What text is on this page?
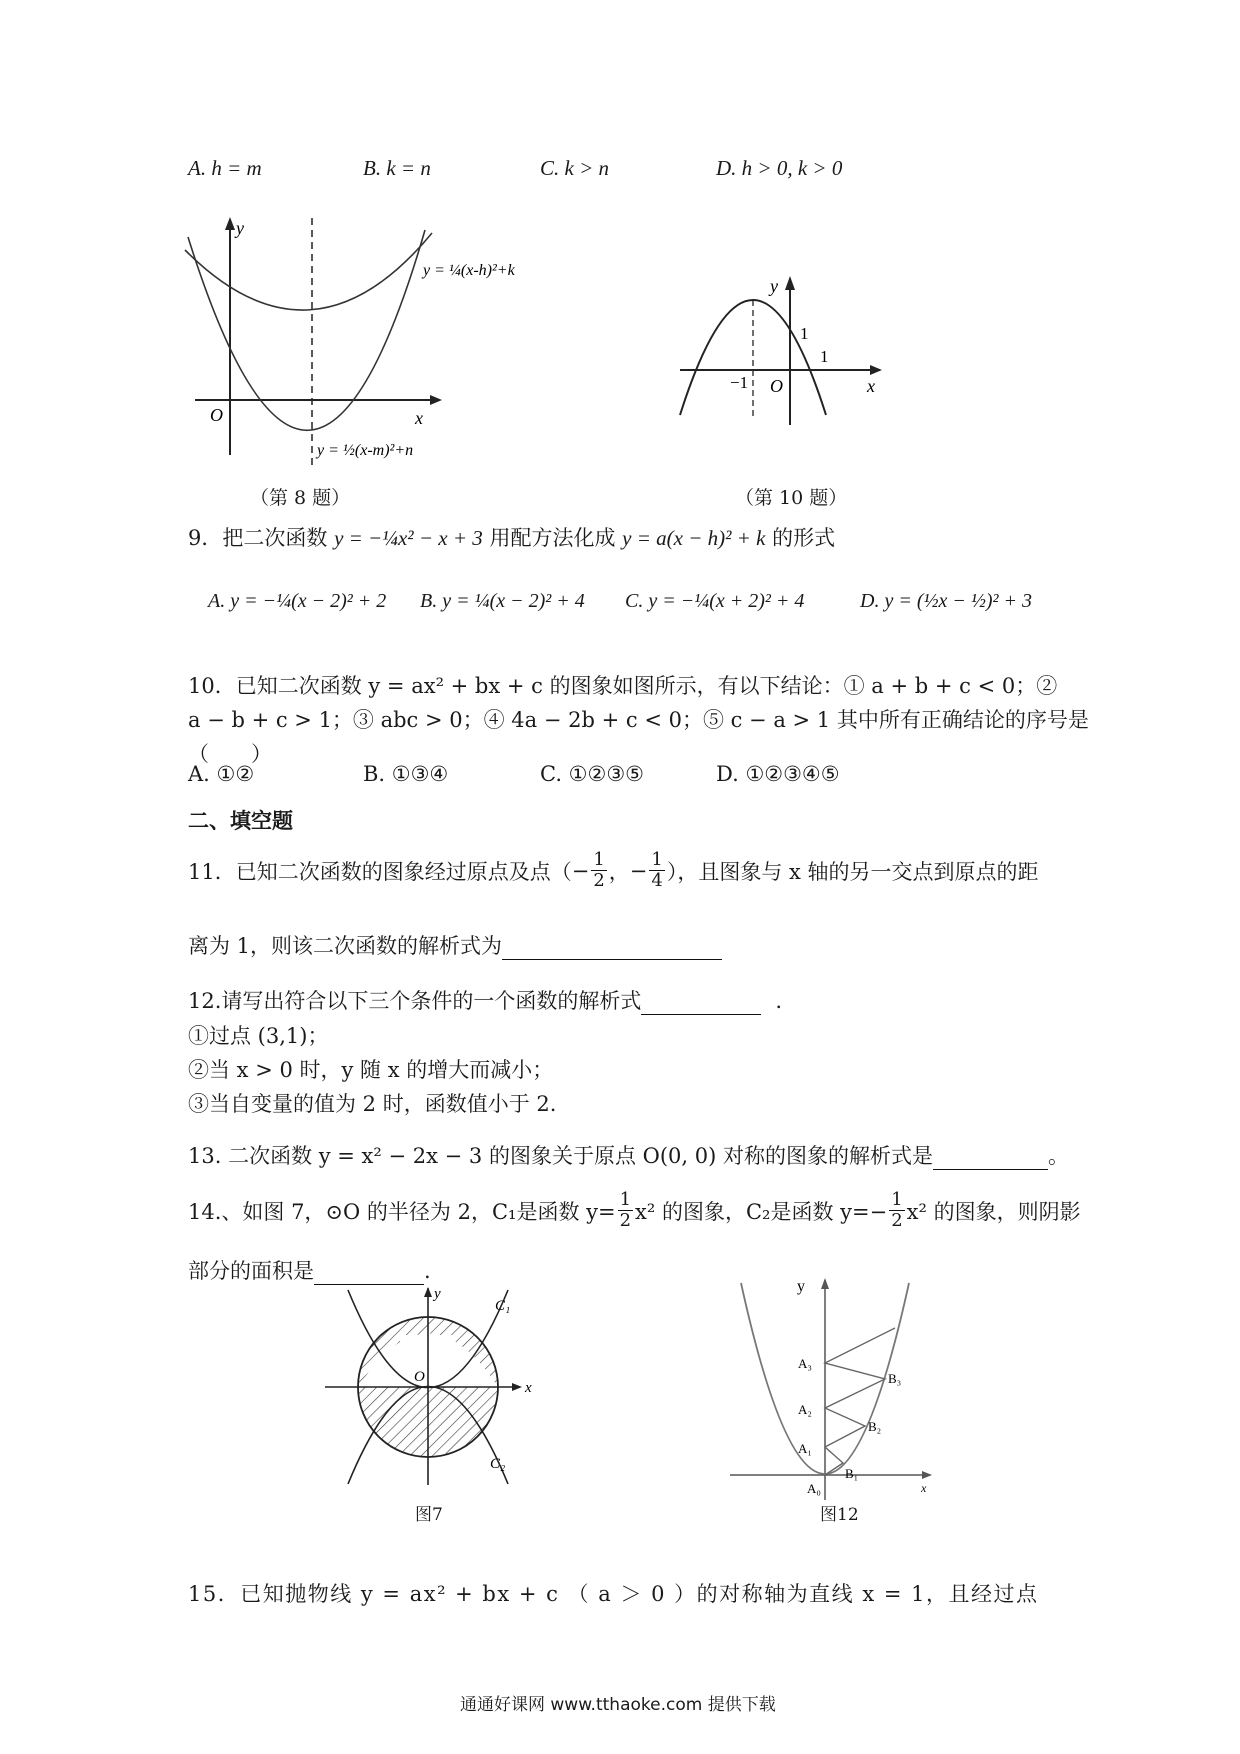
A. h = m	B. k = n	C. k > n	D. h > 0, k > 0
y
x
O
y = ¼(x-h)²+k
y = ½(x-m)²+n
（第 8 题）
y
x
O
−1
1
1
（第 10 题）
9．把二次函数 y = −¼x² − x + 3 用配方法化成 y = a(x − h)² + k 的形式
A. y = −¼(x − 2)² + 2 B. y = ¼(x − 2)² + 4 C. y = −¼(x + 2)² + 4	D. y = (½x − ½)² + 3
10．已知二次函数 y = ax² + bx + c 的图象如图所示，有以下结论：① a + b + c < 0；②
a − b + c > 1；③ abc > 0；④ 4a − 2b + c < 0；⑤ c − a > 1 其中所有正确结论的序号是
（　　）
A. ①②	B. ①③④	C. ①②③⑤	D. ①②③④⑤
二、填空题
11．已知二次函数的图象经过原点及点（ − $\frac{1}{2}$ ， − $\frac{1}{4}$ ），且图象与 x 轴的另一交点到原点的距
离为 1，则该二次函数的解析式为
12.请写出符合以下三个条件的一个函数的解析式	.
①过点 (3,1)；
②当 x > 0 时，y 随 x 的增大而减小；
③当自变量的值为 2 时，函数值小于 2.
13. 二次函数 y = x² − 2x − 3 的图象关于原点 O(0, 0) 对称的图象的解析式是	。
14.、如图 7，⊙O 的半径为 2，C₁是函数 $y= \frac{1}{2} x^2$ 的图象，C₂是函数 $y=- \frac{1}{2} x^2$ 的图象，则阴影
部分的面积是	.
y
x
O
C₁
C₂
图7
y
x
A₀
A₁
A₂
A₃
B₁
B₂
B₃
图12
15．已知抛物线 y = ax² + bx + c （ a ＞ 0 ）的对称轴为直线 x = 1，且经过点
通通好课网 www.tthaoke.com 提供下载
